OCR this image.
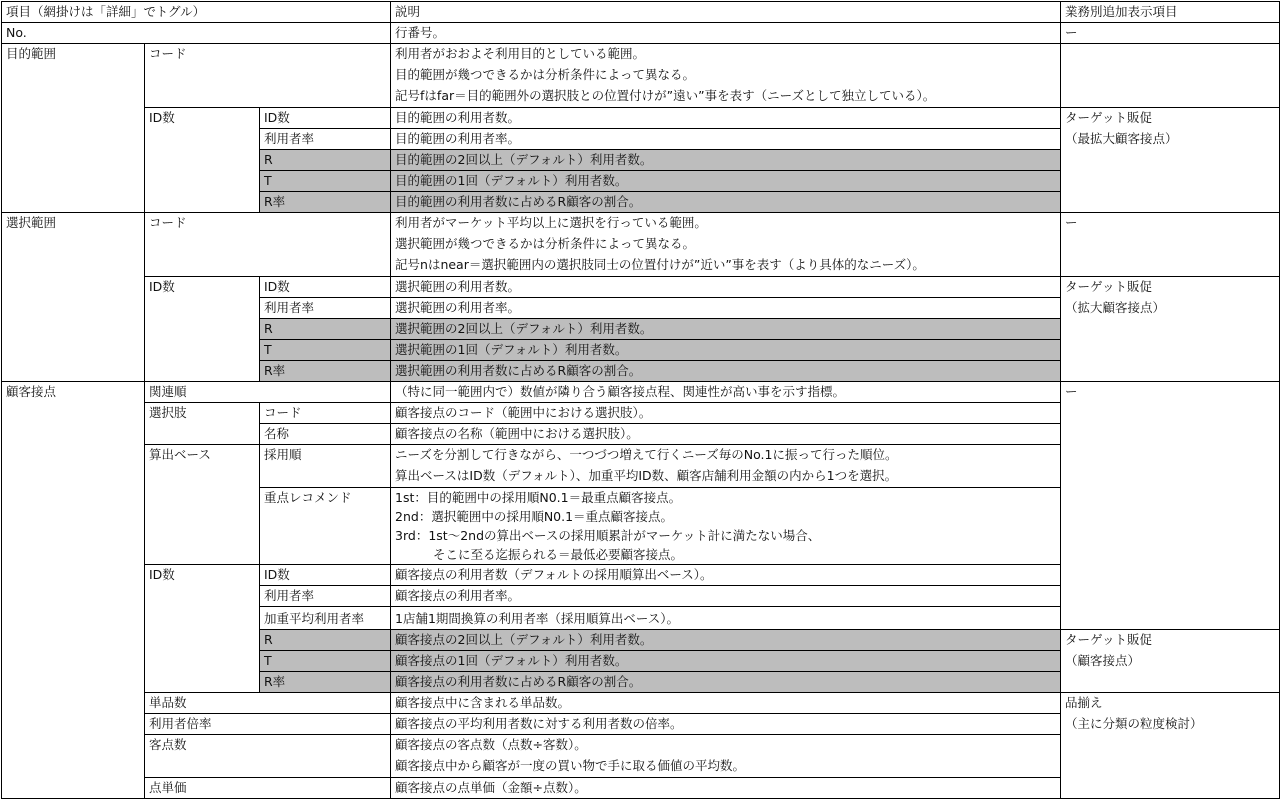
項目（網掛けは「詳細」でトグル）			説明	業務別追加表示項目
No.			行番号。	ー
目的範囲	コード		利用者がおおよそ利用目的としている範囲。
目的範囲が幾つできるかは分析条件によって異なる。
記号fはfar＝目的範囲外の選択肢との位置付けが”遠い”事を表す（ニーズとして独立している）。	

	ID数	ID数	目的範囲の利用者数。	ターゲット販促
（最拡大顧客接点）

		利用者率	目的範囲の利用者率。	
		R	目的範囲の2回以上（デフォルト）利用者数。	
		T	目的範囲の1回（デフォルト）利用者数。	
		R率	目的範囲の利用者数に占めるR顧客の割合。	
選択範囲	コード		利用者がマーケット平均以上に選択を行っている範囲。
選択範囲が幾つできるかは分析条件によって異なる。
記号nはnear＝選択範囲内の選択肢同士の位置付けが”近い”事を表す（より具体的なニーズ）。	ー
	ID数	ID数	選択範囲の利用者数。	ターゲット販促
（拡大顧客接点）

		利用者率	選択範囲の利用者率。	
		R	選択範囲の2回以上（デフォルト）利用者数。	
		T	選択範囲の1回（デフォルト）利用者数。	
		R率	選択範囲の利用者数に占めるR顧客の割合。	
顧客接点	関連順		（特に同一範囲内で）数値が隣り合う顧客接点程、関連性が高い事を示す指標。	ー
	選択肢	コード	顧客接点のコード（範囲中における選択肢）。	
		名称	顧客接点の名称（範囲中における選択肢）。	
	算出ベース	採用順	ニーズを分割して行きながら、一つづつ増えて行くニーズ毎のNo.1に振って行った順位。
算出ベースはID数（デフォルト）、加重平均ID数、顧客店舗利用金額の内から1つを選択。	

		重点レコメンド	1st：目的範囲中の採用順N0.1＝最重点顧客接点。
2nd：選択範囲中の採用順N0.1＝重点顧客接点。
3rd：1st～2ndの算出ベースの採用順累計がマーケット計に満たない場合、
そこに至る迄振られる＝最低必要顧客接点。	

	ID数	ID数	顧客接点の利用者数（デフォルトの採用順算出ベース）。	
		利用者率	顧客接点の利用者率。	
		加重平均利用者率	1店舗1期間換算の利用者率（採用順算出ベース）。	
		R	顧客接点の2回以上（デフォルト）利用者数。	ターゲット販促
（顧客接点）

		T	顧客接点の1回（デフォルト）利用者数。	
		R率	顧客接点の利用者数に占めるR顧客の割合。	
	単品数		顧客接点中に含まれる単品数。	品揃え
（主に分類の粒度検討）

	利用者倍率		顧客接点の平均利用者数に対する利用者数の倍率。	
	客点数		顧客接点の客点数（点数÷客数）。
顧客接点中から顧客が一度の買い物で手に取る価値の平均数。	

	点単価		顧客接点の点単価（金額÷点数）。	
